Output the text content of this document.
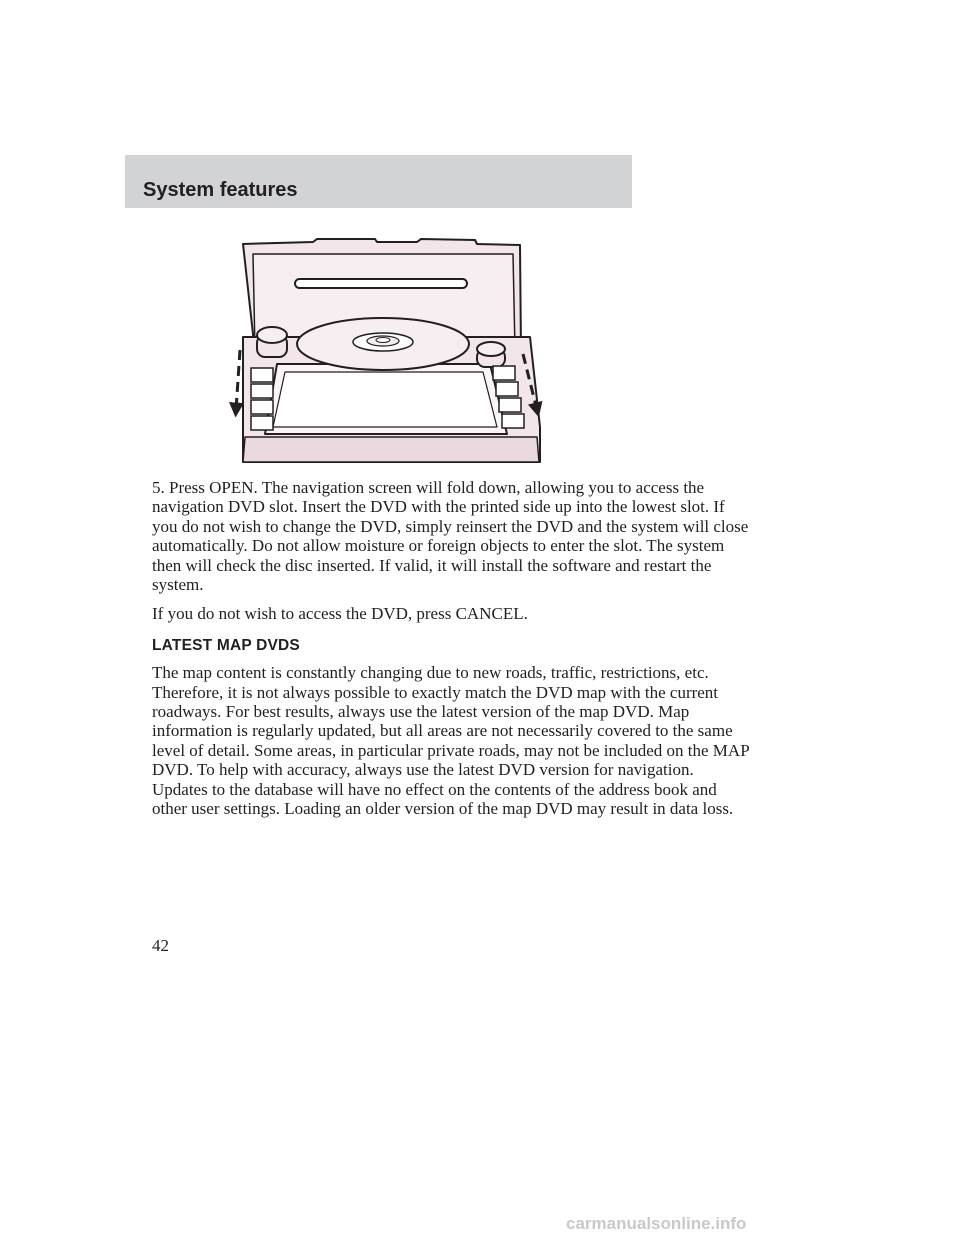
System features

5. Press OPEN. The navigation screen will fold down, allowing you to access the navigation DVD slot. Insert the DVD with the printed side up into the lowest slot. If you do not wish to change the DVD, simply reinsert the DVD and the system will close automatically. Do not allow moisture or foreign objects to enter the slot. The system then will check the disc inserted. If valid, it will install the software and restart the system.

If you do not wish to access the DVD, press CANCEL.

LATEST MAP DVDS

The map content is constantly changing due to new roads, traffic, restrictions, etc. Therefore, it is not always possible to exactly match the DVD map with the current roadways. For best results, always use the latest version of the map DVD. Map information is regularly updated, but all areas are not necessarily covered to the same level of detail. Some areas, in particular private roads, may not be included on the MAP DVD. To help with accuracy, always use the latest DVD version for navigation. Updates to the database will have no effect on the contents of the address book and other user settings. Loading an older version of the map DVD may result in data loss.

42
carmanualsonline.info
